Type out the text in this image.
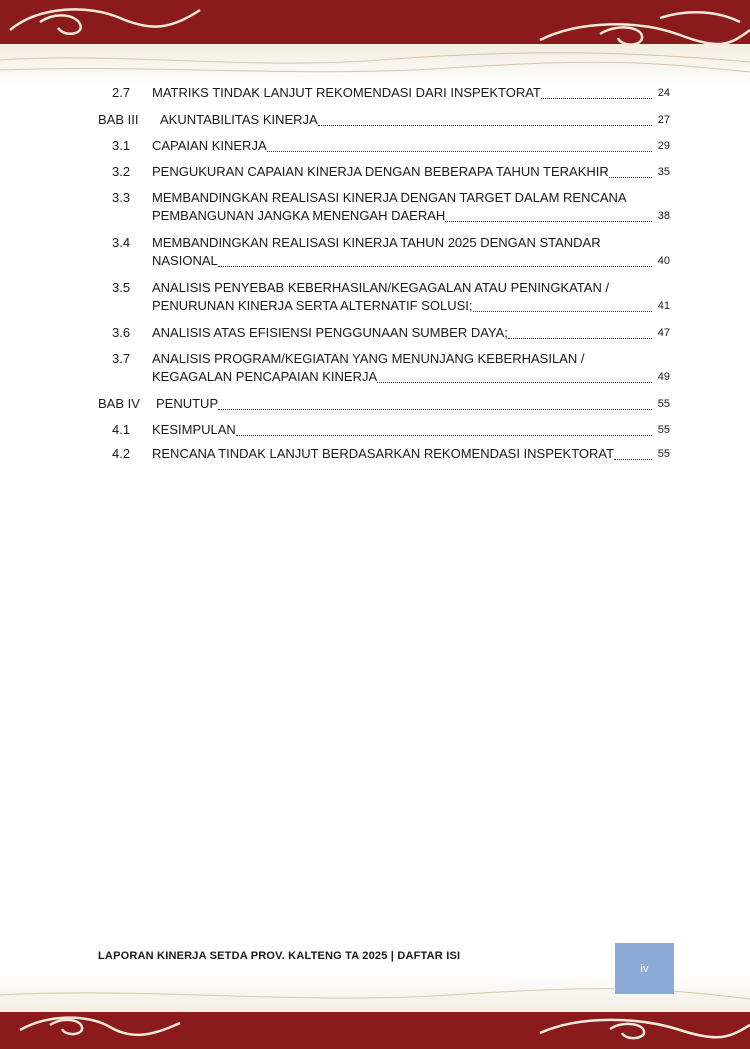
2.7 MATRIKS TINDAK LANJUT REKOMENDASI DARI INSPEKTORAT	24
BAB III AKUNTABILITAS KINERJA	27
3.1 CAPAIAN KINERJA	29
3.2 PENGUKURAN CAPAIAN KINERJA DENGAN BEBERAPA TAHUN TERAKHIR	35
3.3 MEMBANDINGKAN REALISASI KINERJA DENGAN TARGET DALAM RENCANA
PEMBANGUNAN JANGKA MENENGAH DAERAH	38
3.4 MEMBANDINGKAN REALISASI KINERJA TAHUN 2025 DENGAN STANDAR
NASIONAL	40
3.5 ANALISIS PENYEBAB KEBERHASILAN/KEGAGALAN ATAU PENINGKATAN /
PENURUNAN KINERJA SERTA ALTERNATIF SOLUSI;	41
3.6 ANALISIS ATAS EFISIENSI PENGGUNAAN SUMBER DAYA;	47
3.7 ANALISIS PROGRAM/KEGIATAN YANG MENUNJANG KEBERHASILAN /
KEGAGALAN PENCAPAIAN KINERJA	49
BAB IV PENUTUP	55
4.1 KESIMPULAN	55
4.2 RENCANA TINDAK LANJUT BERDASARKAN REKOMENDASI INSPEKTORAT	55
LAPORAN KINERJA SETDA PROV. KALTENG TA 2025 | DAFTAR ISI
iv
